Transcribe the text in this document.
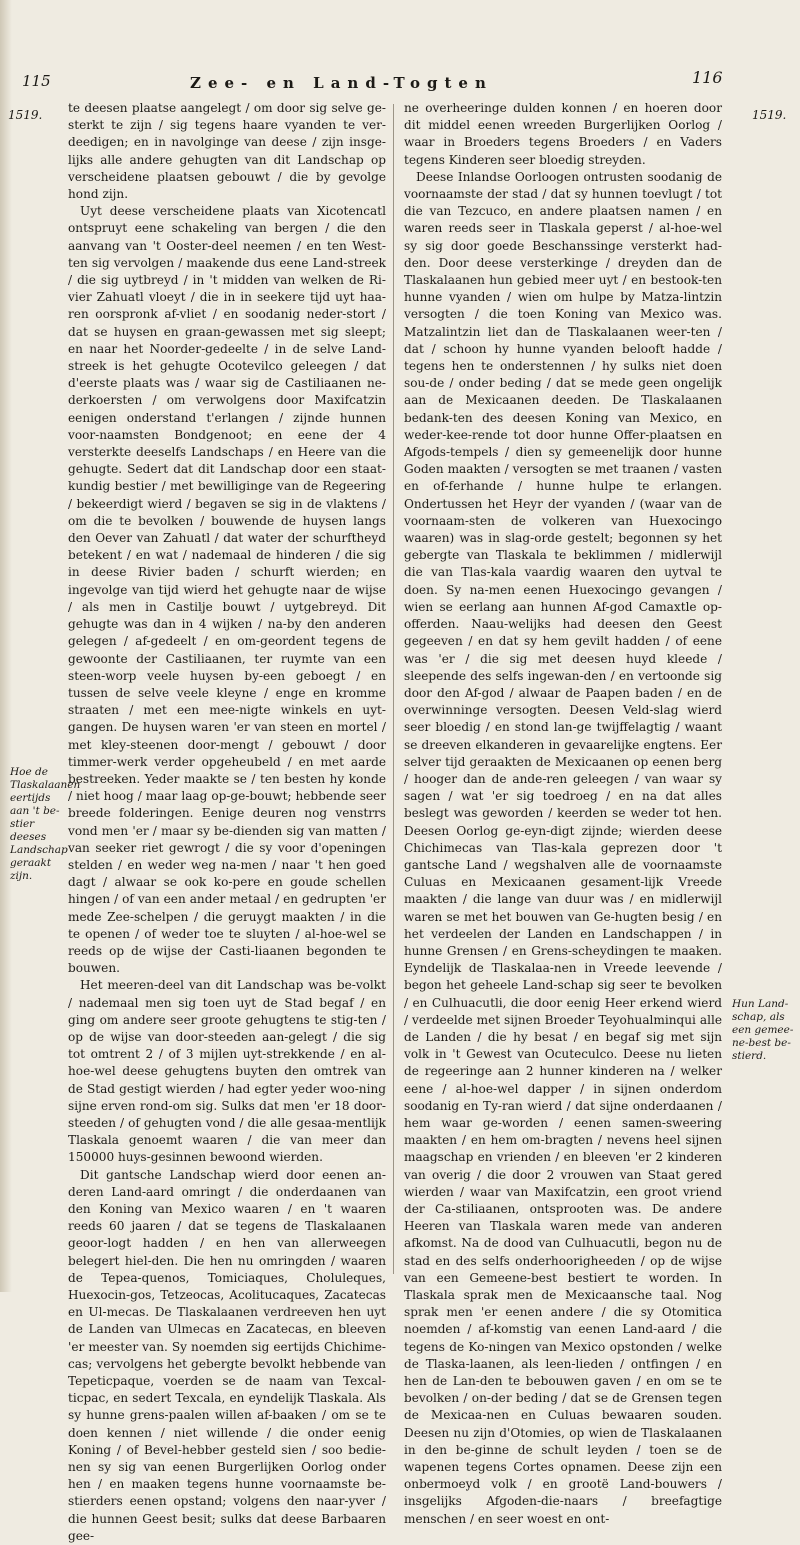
115	Zee- en Land-Togten	116
1519.	1519.

te deesen plaatse aangelegt / om door sig selve ge-sterkt te zijn / sig tegens haare vyanden te ver-deedigen; en in navolginge van deese / zijn insge-lijks alle andere gehugten van dit Landschap op verscheidene plaatsen gebouwt / die by gevolge hond zijn.

Uyt deese verscheidene plaats van Xicotencatl ontspruyt eene schakeling van bergen / die den aanvang van 't Ooster-deel neemen / en ten West-ten sig vervolgen / maakende dus eene Land-streek / die sig uytbreyd / in 't midden van welken de Ri-vier Zahuatl vloeyt / die in in seekere tijd uyt haa-ren oorspronk af-vliet / en soodanig neder-stort / dat se huysen en graan-gewassen met sig sleept; en naar het Noorder-gedeelte / in de selve Land-streek is het gehugte Ocotevilco geleegen / dat d'eerste plaats was / waar sig de Castiliaanen ne-derkoersten / om verwolgens door Maxifcatzin eenigen onderstand t'erlangen / zijnde hunnen voor-naamsten Bondgenoot; en eene der 4 versterkte deeselfs Landschaps / en Heere van die gehugte. Sedert dat dit Landschap door een staat-kundig bestier / met bewilliginge van de Regeering / bekeerdigt wierd / begaven se sig in de vlaktens / om die te bevolken / bouwende de huysen langs den Oever van Zahuatl / dat water der schurftheyd betekent / en wat / nademaal de hinderen / die sig in deese Rivier baden / schurft wierden; en ingevolge van tijd wierd het gehugte naar de wijse / als men in Castilje bouwt / uytgebreyd. Dit gehugte was dan in 4 wijken / na-by den anderen gelegen / af-gedeelt / en om-geordent tegens de gewoonte der Castiliaanen, ter ruymte van een steen-worp veele huysen by-een geboegt / en tussen de selve veele kleyne / enge en kromme straaten / met een mee-nigte winkels en uyt-gangen. De huysen waren 'er van steen en mortel / met kley-steenen door-mengt / gebouwt / door timmer-werk verder opgeheubeld / en met aarde bestreeken. Yeder maakte se / ten besten hy konde / niet hoog / maar laag op-ge-bouwt; hebbende seer breede folderingen. Eenige deuren nog venstrrs vond men 'er / maar sy be-dienden sig van matten / van seeker riet gewrogt / die sy voor d'openingen stelden / en weder weg na-men / naar 't hen goed dagt / alwaar se ook ko-pere en goude schellen hingen / of van een ander metaal / en gedrupten 'er mede Zee-schelpen / die geruygt maakten / in die te openen / of weder toe te sluyten / al-hoe-wel se reeds op de wijse der Casti-liaanen begonden te bouwen.

Het meeren-deel van dit Landschap was be-volkt / nademaal men sig toen uyt de Stad begaf / en ging om andere seer groote gehugtens te stig-ten / op de wijse van door-steeden aan-gelegt / die sig tot omtrent 2 / of 3 mijlen uyt-strekkende / en al-hoe-wel deese gehugtens buyten den omtrek van de Stad gestigt wierden / had egter yeder woo-ning sijne erven rond-om sig. Sulks dat men 'er 18 door-steeden / of gehugten vond / die alle gesaa-mentlijk Tlaskala genoemt waaren / die van meer dan 150000 huys-gesinnen bewoond wierden.

Dit gantsche Landschap wierd door eenen an-deren Land-aard omringt / die onderdaanen van den Koning van Mexico waaren / en 't waaren reeds 60 jaaren / dat se tegens de Tlaskalaanen geoor-logt hadden / en hen van allerweegen belegert hiel-den. Die hen nu omringden / waaren de Tepea-quenos, Tomiciaques, Choluleques, Huexocin-gos, Tetzeocas, Acolitucaques, Zacatecas en Ul-mecas. De Tlaskalaanen verdreeven hen uyt de Landen van Ulmecas en Zacatecas, en bleeven 'er meester van. Sy noemden sig eertijds Chichime-cas; vervolgens het gebergte bevolkt hebbende van Tepeticpaque, voerden se de naam van Texcal-ticpac, en sedert Texcala, en eyndelijk Tlaskala. Als sy hunne grens-paalen willen af-baaken / om se te doen kennen / niet willende / die onder eenig Koning / of Bevel-hebber gesteld sien / soo bedie-nen sy sig van eenen Burgerlijken Oorlog onder hen / en maaken tegens hunne voornaamste be-stierders eenen opstand; volgens den naar-yver / die hunnen Geest besit; sulks dat deese Barbaaren gee-

ne overheeringe dulden konnen / en hoeren door dit middel eenen wreeden Burgerlijken Oorlog / waar in Broeders tegens Broeders / en Vaders tegens Kinderen seer bloedig streyden.

Deese Inlandse Oorloogen ontrusten soodanig de voornaamste der stad / dat sy hunnen toevlugt / tot die van Tezcuco, en andere plaatsen namen / en waren reeds seer in Tlaskala geperst / al-hoe-wel sy sig door goede Beschanssinge versterkt had-den. Door deese versterkinge / dreyden dan de Tlaskalaanen hun gebied meer uyt / en bestook-ten hunne vyanden / wien om hulpe by Matza-lintzin versogten / die toen Koning van Mexico was. Matzalintzin liet dan de Tlaskalaanen weer-ten / dat / schoon hy hunne vyanden belooft hadde / tegens hen te onderstennen / hy sulks niet doen sou-de / onder beding / dat se mede geen ongelijk aan de Mexicaanen deeden. De Tlaskalaanen bedank-ten des deesen Koning van Mexico, en weder-kee-rende tot door hunne Offer-plaatsen en Afgods-tempels / dien sy gemeenelijk door hunne Goden maakten / versogten se met traanen / vasten en of-ferhande / hunne hulpe te erlangen. Ondertussen het Heyr der vyanden / (waar van de voornaam-sten de volkeren van Huexocingo waaren) was in slag-orde gestelt; begonnen sy het gebergte van Tlaskala te beklimmen / midlerwijl die van Tlas-kala vaardig waaren den uytval te doen. Sy na-men eenen Huexocingo gevangen / wien se eerlang aan hunnen Af-god Camaxtle op-offerden. Naau-welijks had deesen den Geest gegeeven / en dat sy hem gevilt hadden / of eene was 'er / die sig met deesen huyd kleede / sleepende des selfs ingewan-den / en vertoonde sig door den Af-god / alwaar de Paapen baden / en de overwinninge versogten. Deesen Veld-slag wierd seer bloedig / en stond lan-ge twijffelagtig / waant se dreeven elkanderen in gevaarelijke engtens. Eer selver tijd geraakten de Mexicaanen op eenen berg / hooger dan de ande-ren geleegen / van waar sy sagen / wat 'er sig toedroeg / en na dat alles beslegt was geworden / keerden se weder tot hen. Deesen Oorlog ge-eyn-digt zijnde; wierden deese Chichimecas van Tlas-kala geprezen door 't gantsche Land / wegshalven alle de voornaamste Culuas en Mexicaanen gesament-lijk Vreede maakten / die lange van duur was / en midlerwijl waren se met het bouwen van Ge-hugten besig / en het verdeelen der Landen en Landschappen / in hunne Grensen / en Grens-scheydingen te maaken. Eyndelijk de Tlaskalaa-nen in Vreede leevende / begon het geheele Land-schap sig seer te bevolken / en Culhuacutli, die door eenig Heer erkend wierd / verdeelde met sijnen Broeder Teyohualminqui alle de Landen / die hy besat / en begaf sig met sijn volk in 't Gewest van Ocuteculco. Deese nu lieten de regeeringe aan 2 hunner kinderen na / welker eene / al-hoe-wel dapper / in sijnen onderdom soodanig en Ty-ran wierd / dat sijne onderdaanen / hem waar ge-worden / eenen samen-sweering maakten / en hem om-bragten / nevens heel sijnen maagschap en vrienden / en bleeven 'er 2 kinderen van overig / die door 2 vrouwen van Staat gered wierden / waar van Maxifcatzin, een groot vriend der Ca-stiliaanen, ontsprooten was. De andere Heeren van Tlaskala waren mede van anderen afkomst. Na de dood van Culhuacutli, begon nu de stad en des selfs onderhoorigheeden / op de wijse van een Gemeene-best bestiert te worden. In Tlaskala sprak men de Mexicaansche taal. Nog sprak men 'er eenen andere / die sy Otomitica noemden / af-komstig van eenen Land-aard / die tegens de Ko-ningen van Mexico opstonden / welke de Tlaska-laanen, als leen-lieden / ontfingen / en hen de Lan-den te bebouwen gaven / en om se te bevolken / on-der beding / dat se de Grensen tegen de Mexicaa-nen en Culuas bewaaren souden. Deesen nu zijn d'Otomies, op wien de Tlaskalaanen in den be-ginne de schult leyden / toen se de wapenen tegens Cortes opnamen. Deese zijn een onbermoeyd volk / en grootë Land-bouwers / insgelijks Afgoden-die-naars / breefagtige menschen / en seer woest en ont-

Hoe de Tlaskalaanen eertijds aan 't be-stier deeses Landschap geraakt zijn.
Hun Land-schap, als een gemee-ne-best be-stierd.
